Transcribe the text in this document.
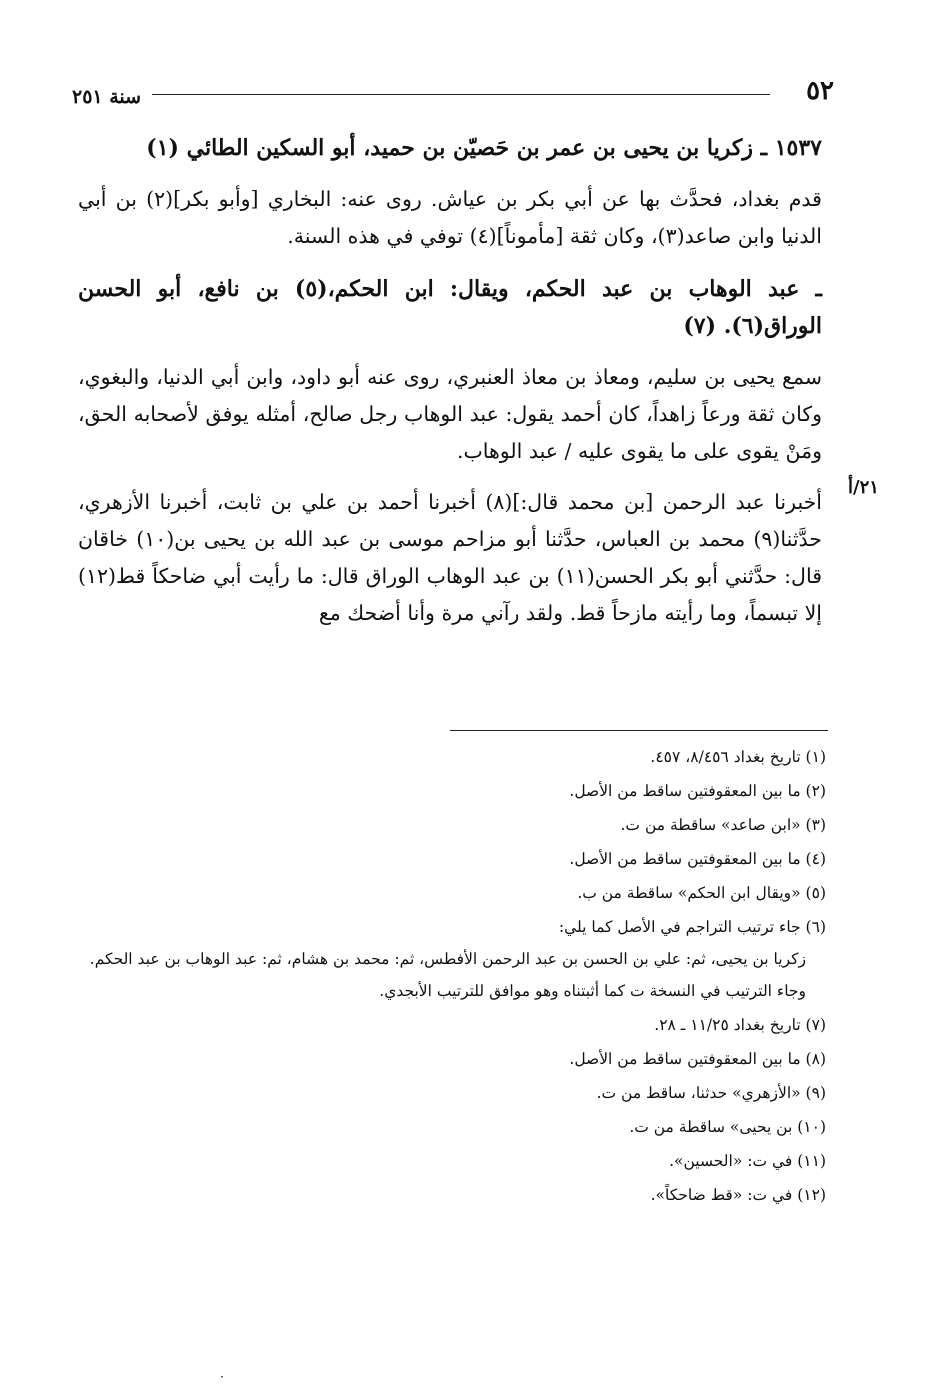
٥٢
سنة ٢٥١

١٥٣٧ ـ زكريا بن يحيى بن عمر بن حَصيّن بن حميد، أبو السكين الطائي (١)

قدم بغداد، فحدَّث بها عن أبي بكر بن عياش. روى عنه: البخاري [وأبو بكر](٢) بن أبي الدنيا وابن صاعد(٣)، وكان ثقة [مأموناً](٤) توفي في هذه السنة.

ـ عبد الوهاب بن عبد الحكم، ويقال: ابن الحكم،(٥) بن نافع، أبو الحسن الوراق(٦). (٧)

سمع يحيى بن سليم، ومعاذ بن معاذ العنبري، روى عنه أبو داود، وابن أبي الدنيا، والبغوي، وكان ثقة ورعاً زاهداً، كان أحمد يقول: عبد الوهاب رجل صالح، أمثله يوفق لأصحابه الحق، ومَنْ يقوى على ما يقوى عليه / عبد الوهاب.

أخبرنا عبد الرحمن [بن محمد قال:](٨) أخبرنا أحمد بن علي بن ثابت، أخبرنا الأزهري، حدَّثنا(٩) محمد بن العباس، حدَّثنا أبو مزاحم موسى بن عبد الله بن يحيى بن(١٠) خاقان قال: حدَّثني أبو بكر الحسن(١١) بن عبد الوهاب الوراق قال: ما رأيت أبي ضاحكاً قط(١٢) إلا تبسماً، وما رأيته مازحاً قط. ولقد رآني مرة وأنا أضحك مع

٢١/أ

(١) تاريخ بغداد ٨/٤٥٦، ٤٥٧.

(٢) ما بين المعقوفتين ساقط من الأصل.

(٣) «ابن صاعد» ساقطة من ت.

(٤) ما بين المعقوفتين ساقط من الأصل.

(٥) «ويقال ابن الحكم» ساقطة من ب.

(٦) جاء ترتيب التراجم في الأصل كما يلي:

زكريا بن يحيى، ثم: علي بن الحسن بن عبد الرحمن الأفطس، ثم: محمد بن هشام، ثم: عبد الوهاب بن عبد الحكم.

وجاء الترتيب في النسخة ت كما أثبتناه وهو موافق للترتيب الأبجدي.

(٧) تاريخ بغداد ١١/٢٥ ـ ٢٨.

(٨) ما بين المعقوفتين ساقط من الأصل.

(٩) «الأزهري» حدثنا، ساقط من ت.

(١٠) بن يحيى» ساقطة من ت.

(١١) في ت: «الحسين».

(١٢) في ت: «قط ضاحكاً».

·
